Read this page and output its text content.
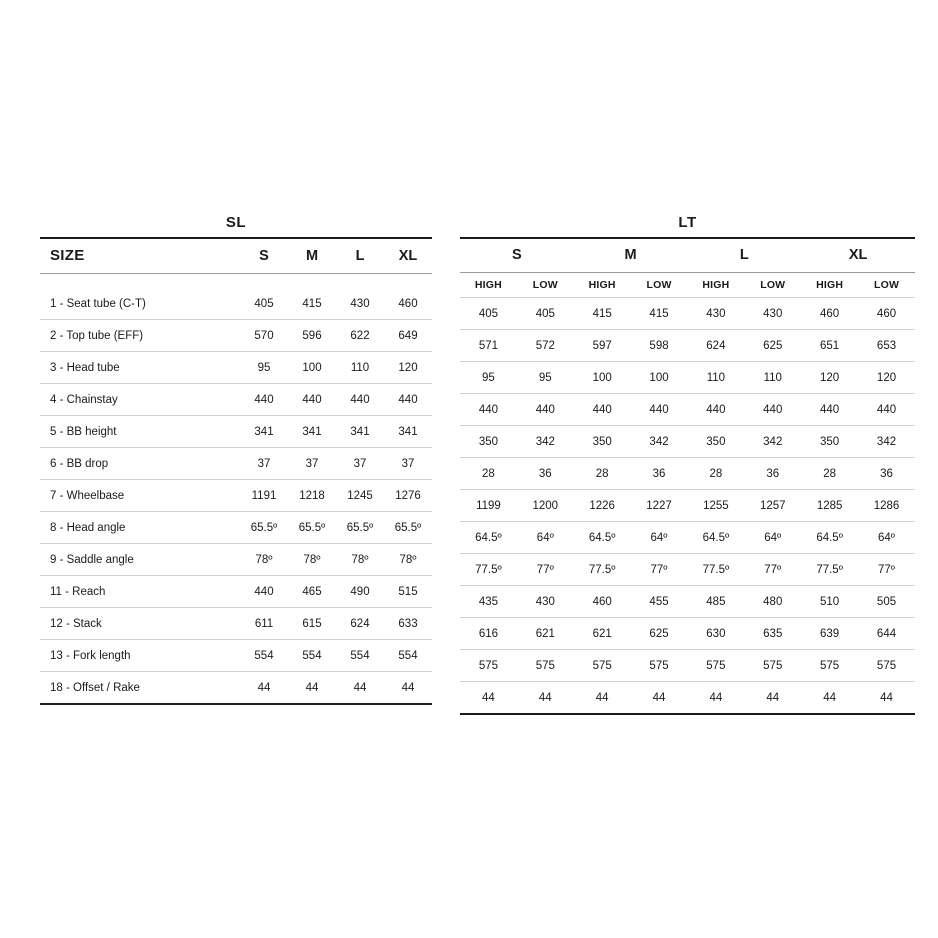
SL
SIZE	S	M	L	XL

1 - Seat tube (C-T)	405	415	430	460
2 - Top tube (EFF)	570	596	622	649
3 - Head tube	95	100	110	120
4 - Chainstay	440	440	440	440
5 - BB height	341	341	341	341
6 - BB drop	37	37	37	37
7 - Wheelbase	1191	1218	1245	1276
8 - Head angle	65.5º	65.5º	65.5º	65.5º
9 - Saddle angle	78º	78º	78º	78º
11 - Reach	440	465	490	515
12 - Stack	611	615	624	633
13 - Fork length	554	554	554	554
18 - Offset / Rake	44	44	44	44

LT
S		M		L		XL	
HIGH	LOW	HIGH	LOW	HIGH	LOW	HIGH	LOW
405	405	415	415	430	430	460	460
571	572	597	598	624	625	651	653
95	95	100	100	110	110	120	120
440	440	440	440	440	440	440	440
350	342	350	342	350	342	350	342
28	36	28	36	28	36	28	36
1199	1200	1226	1227	1255	1257	1285	1286
64.5º	64º	64.5º	64º	64.5º	64º	64.5º	64º
77.5º	77º	77.5º	77º	77.5º	77º	77.5º	77º
435	430	460	455	485	480	510	505
616	621	621	625	630	635	639	644
575	575	575	575	575	575	575	575
44	44	44	44	44	44	44	44
